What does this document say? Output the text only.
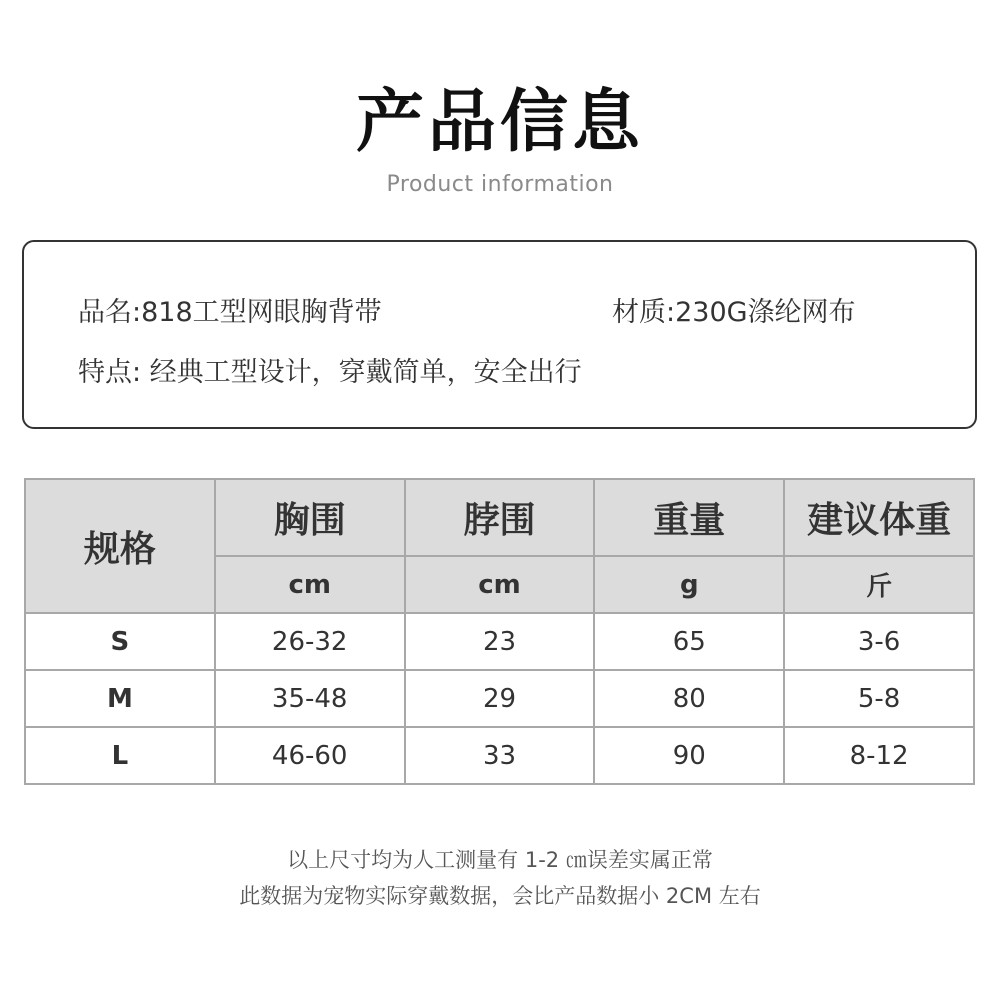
产品信息
Product information
品名:818工型网眼胸背带	材质:230G涤纶网布
特点: 经典工型设计，穿戴简单，安全出行
规格	胸围	脖围	重量	建议体重
	cm	cm	g	斤
S	26-32	23	65	3-6
M	35-48	29	80	5-8
L	46-60	33	90	8-12
以上尺寸均为人工测量有 1-2 ㎝误差实属正常
此数据为宠物实际穿戴数据，会比产品数据小 2CM 左右
